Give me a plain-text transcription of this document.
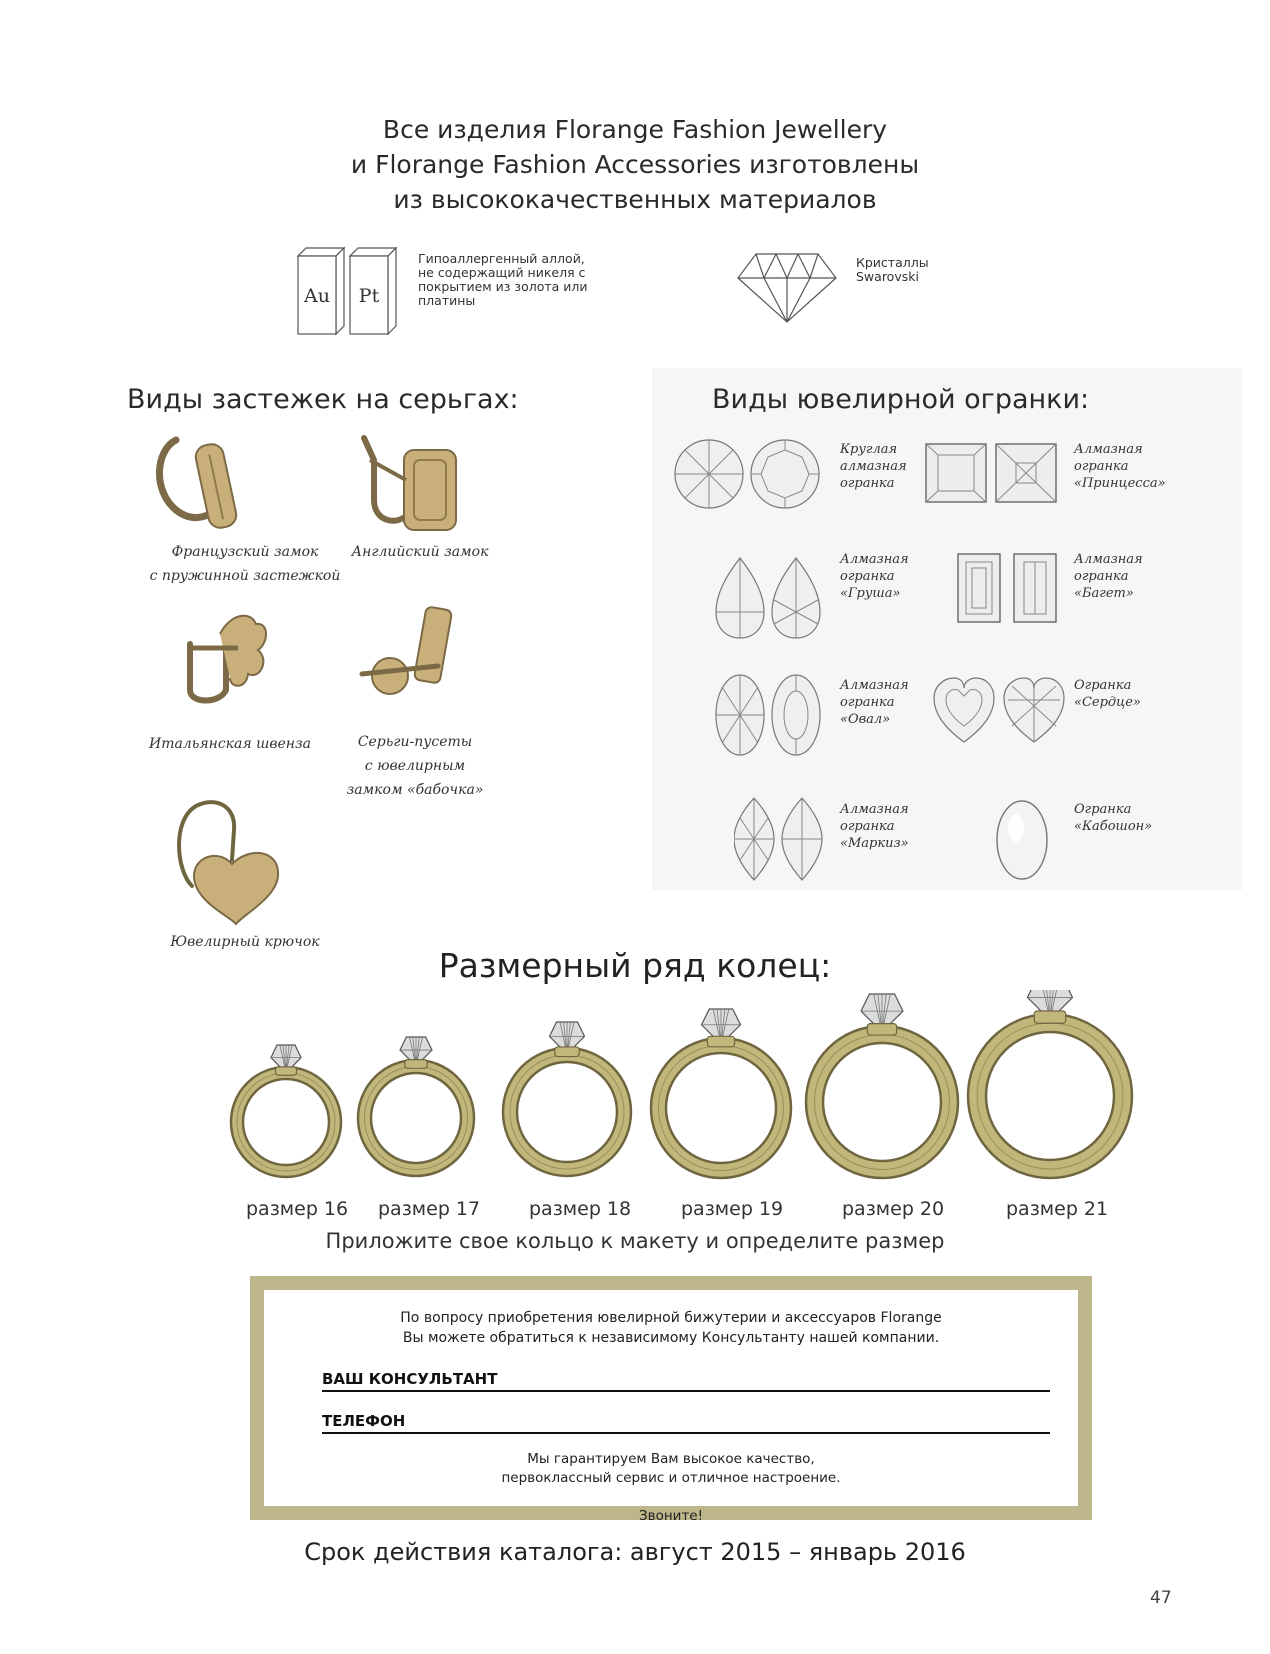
Все изделия Florange Fashion Jewellery
и Florange Fashion Accessories изготовлены
из высококачественных материалов
Au Pt
Гипоаллергенный аллой,
не содержащий никеля с
покрытием из золота или
платины
Кристаллы
Swarovski
Виды застежек на серьгах:
Французский замок
с пружинной застежкой
Английский замок
Итальянская швенза	Серьги-пусеты
с ювелирным
замком «бабочка»
Ювелирный крючок
Виды ювелирной огранки:
Круглая
алмазная
огранка
Алмазная
огранка
«Принцесса»
Алмазная
огранка
«Груша»
Алмазная
огранка
«Багет»
Алмазная
огранка
«Овал»
Огранка
«Сердце»
Алмазная
огранка
«Маркиз»
Огранка
«Кабошон»
Размерный ряд колец:
размер 16 размер 17	размер 18	размер 19	размер 20	размер 21
Приложите свое кольцо к макету и определите размер
По вопросу приобретения ювелирной бижутерии и аксессуаров Florange
Вы можете обратиться к независимому Консультанту нашей компании.
ВАШ КОНСУЛЬТАНТ
ТЕЛЕФОН
Мы гарантируем Вам высокое качество,
первоклассный сервис и отличное настроение.
Звоните!
Срок действия каталога: август 2015 – январь 2016
47
